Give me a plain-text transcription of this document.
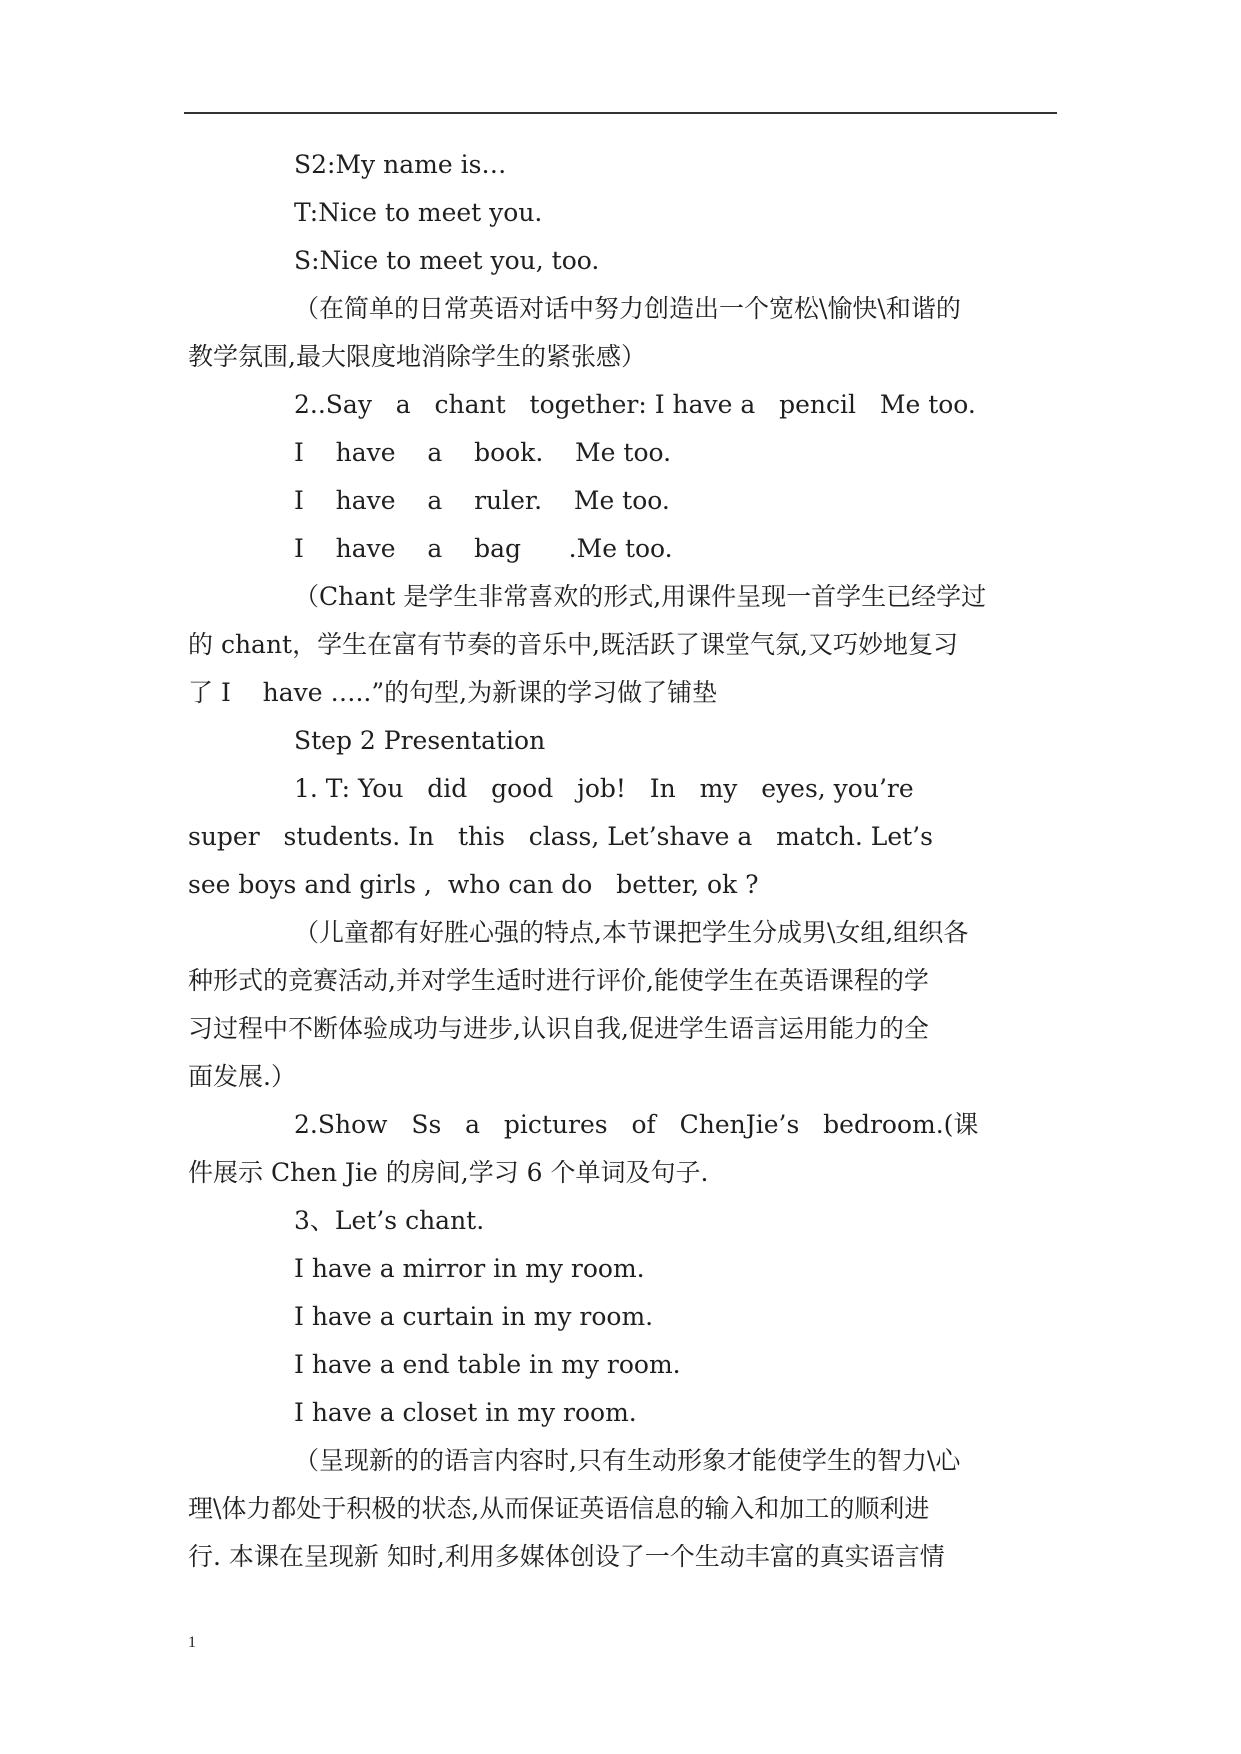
S2:My name is…
T:Nice to meet you.
S:Nice to meet you, too.
（在简单的日常英语对话中努力创造出一个宽松\愉快\和谐的
教学氛围,最大限度地消除学生的紧张感）
2..Say   a   chant   together: I have a   pencil   Me too.
I    have    a    book.    Me too.
I    have    a    ruler.    Me too.
I    have    a    bag      .Me too.
（Chant 是学生非常喜欢的形式,用课件呈现一首学生已经学过
的 chant，学生在富有节奏的音乐中,既活跃了课堂气氛,又巧妙地复习
了 I    have …..”的句型,为新课的学习做了铺垫
Step 2 Presentation
1. T: You   did   good   job!   In   my   eyes, you’re
super   students. In   this   class, Let’shave a   match. Let’s
see boys and girls ,  who can do   better, ok ?
（儿童都有好胜心强的特点,本节课把学生分成男\女组,组织各
种形式的竞赛活动,并对学生适时进行评价,能使学生在英语课程的学
习过程中不断体验成功与进步,认识自我,促进学生语言运用能力的全
面发展.）
2.Show   Ss   a   pictures   of   ChenJie’s   bedroom.(课
件展示 Chen Jie 的房间,学习 6 个单词及句子.
3、Let’s chant.
I have a mirror in my room.
I have a curtain in my room.
I have a end table in my room.
I have a closet in my room.
（呈现新的的语言内容时,只有生动形象才能使学生的智力\心
理\体力都处于积极的状态,从而保证英语信息的输入和加工的顺利进
行. 本课在呈现新 知时,利用多媒体创设了一个生动丰富的真实语言情
1
